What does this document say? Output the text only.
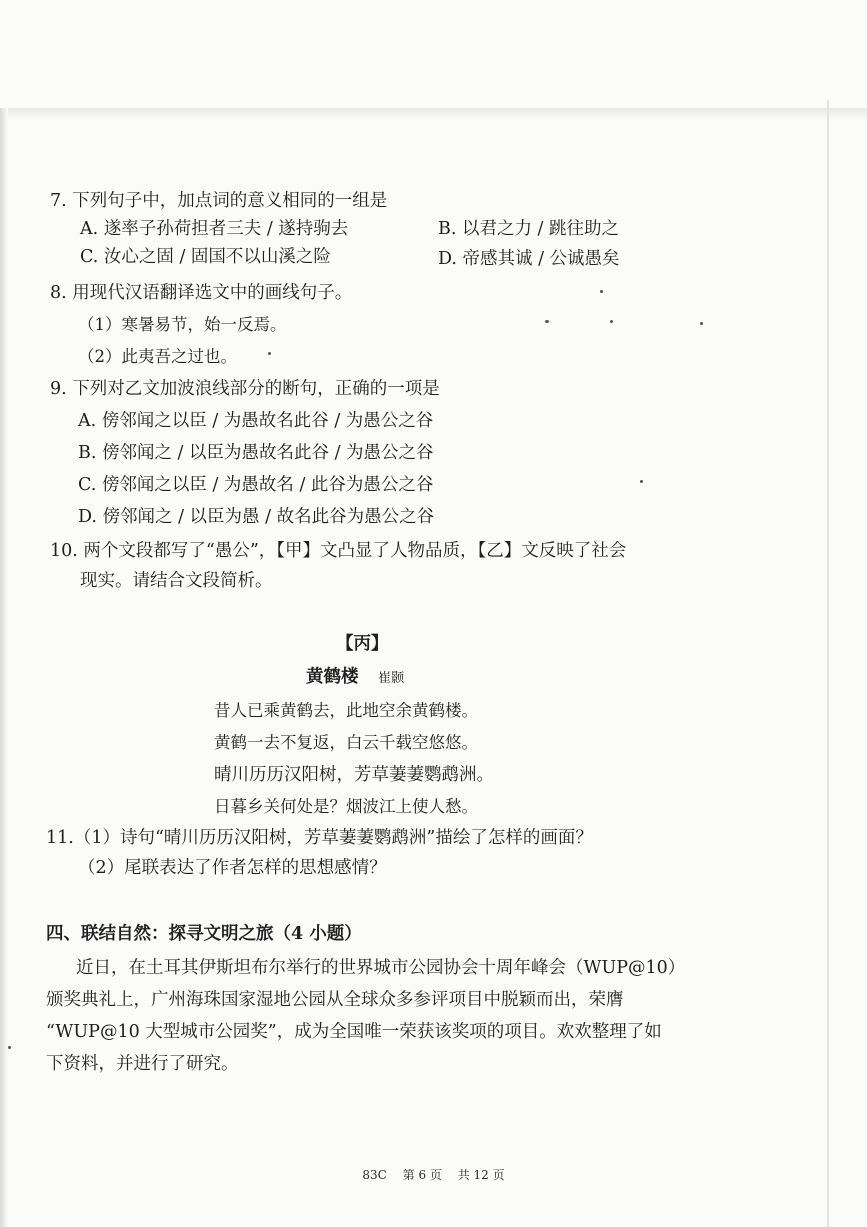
7. 下列句子中，加点词的意义相同的一组是
A. 遂率子孙荷担者三夫 / 遂持驹去	B. 以君之力 / 跳往助之
C. 汝心之固 / 固国不以山溪之险	D. 帝感其诚 / 公诚愚矣
8. 用现代汉语翻译选文中的画线句子。
（1）寒暑易节，始一反焉。
（2）此夷吾之过也。
9. 下列对乙文加波浪线部分的断句，正确的一项是
A. 傍邻闻之以臣 / 为愚故名此谷 / 为愚公之谷
B. 傍邻闻之 / 以臣为愚故名此谷 / 为愚公之谷
C. 傍邻闻之以臣 / 为愚故名 / 此谷为愚公之谷
D. 傍邻闻之 / 以臣为愚 / 故名此谷为愚公之谷
10. 两个文段都写了“愚公”，【甲】文凸显了人物品质，【乙】文反映了社会
现实。请结合文段简析。
【丙】
黄鹤楼 崔颢
昔人已乘黄鹤去，此地空余黄鹤楼。
黄鹤一去不复返，白云千载空悠悠。
晴川历历汉阳树，芳草萋萋鹦鹉洲。
日暮乡关何处是？烟波江上使人愁。
11.（1）诗句“晴川历历汉阳树，芳草萋萋鹦鹉洲”描绘了怎样的画面？
（2）尾联表达了作者怎样的思想感情？
四、联结自然：探寻文明之旅（4 小题）
近日，在土耳其伊斯坦布尔举行的世界城市公园协会十周年峰会（WUP@10）
颁奖典礼上，广州海珠国家湿地公园从全球众多参评项目中脱颖而出，荣膺
“WUP@10 大型城市公园奖”，成为全国唯一荣获该奖项的项目。欢欢整理了如
下资料，并进行了研究。
83C 第 6 页 共 12 页
